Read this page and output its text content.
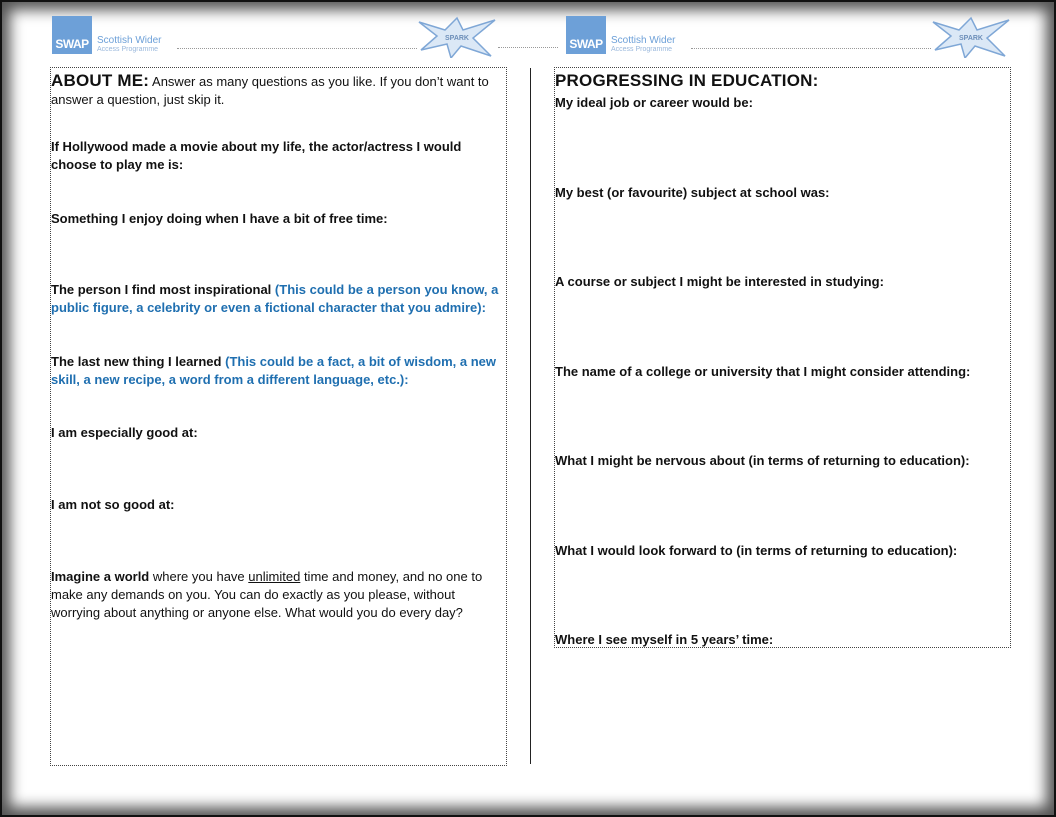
SWAP Scottish Wider
Access Programme
SPARK
ABOUT ME: Answer as many questions as you like. If you don’t want to answer a question, just skip it.
If Hollywood made a movie about my life, the actor/actress I would choose to play me is:
Something I enjoy doing when I have a bit of free time:
The person I find most inspirational (This could be a person you know, a public figure, a celebrity or even a fictional character that you admire):
The last new thing I learned (This could be a fact, a bit of wisdom, a new skill, a new recipe, a word from a different language, etc.):
I am especially good at:
I am not so good at:
Imagine a world where you have unlimited time and money, and no one to make any demands on you. You can do exactly as you please, without worrying about anything or anyone else. What would you do every day?
SWAP Scottish Wider
Access Programme
SPARK
PROGRESSING IN EDUCATION:
My ideal job or career would be:
My best (or favourite) subject at school was:
A course or subject I might be interested in studying:
The name of a college or university that I might consider attending:
What I might be nervous about (in terms of returning to education):
What I would look forward to (in terms of returning to education):
Where I see myself in 5 years’ time:
